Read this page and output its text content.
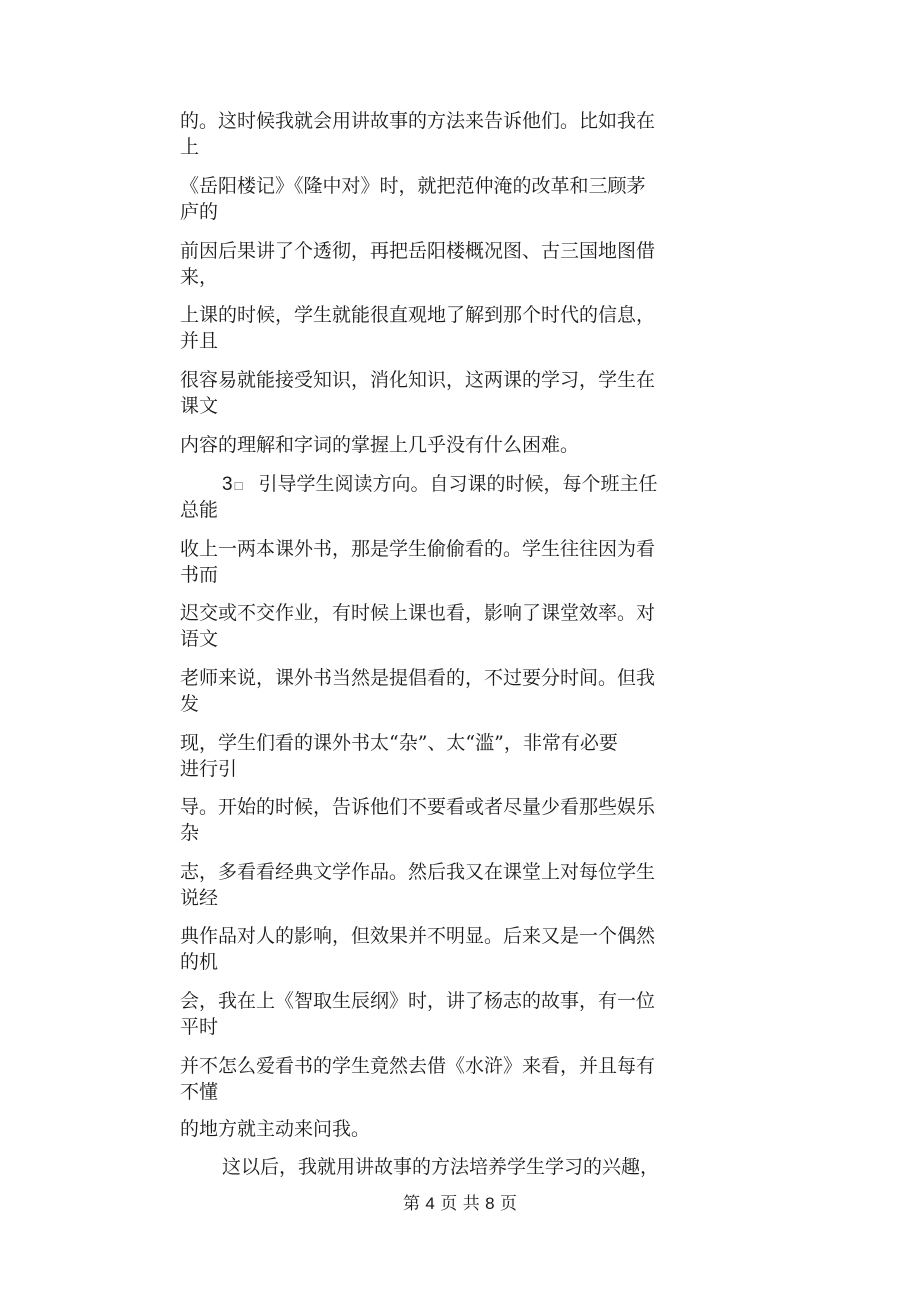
的。这时候我就会用讲故事的方法来告诉他们。比如我在

上

《岳阳楼记》《隆中对》时，就把范仲淹的改革和三顾茅

庐的

前因后果讲了个透彻，再把岳阳楼概况图、古三国地图借

来，

上课的时候，学生就能很直观地了解到那个时代的信息，

并且

很容易就能接受知识，消化知识，这两课的学习，学生在

课文

内容的理解和字词的掌握上几乎没有什么困难。

3 □ 引导学生阅读方向。自习课的时候，每个班主任

总能

收上一两本课外书，那是学生偷偷看的。学生往往因为看

书而

迟交或不交作业，有时候上课也看，影响了课堂效率。对

语文

老师来说，课外书当然是提倡看的，不过要分时间。但我

发

现，学生们看的课外书太“杂”、太“滥”，非常有必要

进行引

导。开始的时候，告诉他们不要看或者尽量少看那些娱乐

杂

志，多看看经典文学作品。然后我又在课堂上对每位学生

说经

典作品对人的影响，但效果并不明显。后来又是一个偶然

的机

会，我在上《智取生辰纲》时，讲了杨志的故事，有一位

平时

并不怎么爱看书的学生竟然去借《水浒》来看，并且每有

不懂

的地方就主动来问我。

这以后，我就用讲故事的方法培养学生学习的兴趣，

第 4 页 共 8 页
